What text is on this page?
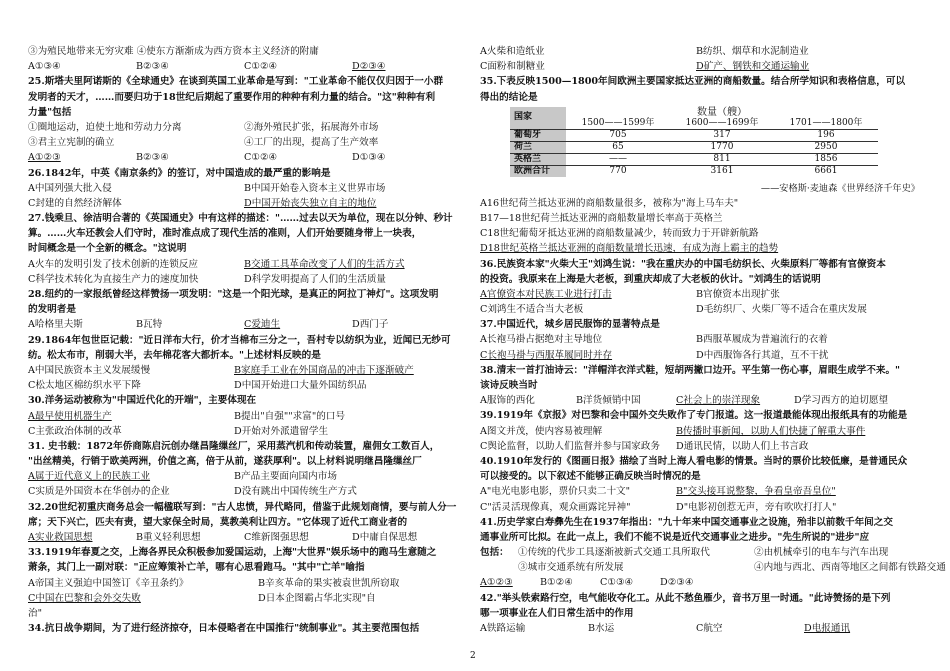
③为殖民地带来无穷灾难 ④使东方渐渐成为西方资本主义经济的附庸
A①③④	B②③④	C①②④	D②③④
25.斯塔夫里阿诺斯的《全球通史》在谈到英国工业革命是写到："工业革命不能仅仅归因于一小群
发明者的天才，……而要归功于18世纪后期起了重要作用的种种有利力量的结合。"这"种种有利
力量"包括
①圈地运动，迫使土地和劳动力分离	②海外殖民扩张，拓展海外市场
③君主立宪制的确立	④工厂的出现，提高了生产效率
A①②③	B②③④	C①②④	D①③④
26.1842年，中英《南京条约》的签订，对中国造成的最严重的影响是
A中国列强大批入侵	B中国开始卷入资本主义世界市场
C封建的自然经济解体	D中国开始丧失独立自主的地位
27.钱乘旦、徐洁明合著的《英国通史》中有这样的描述："……过去以天为单位，现在以分钟、秒计
算。……火车还教会人们守时，准时准点成了现代生活的准则，人们开始要随身带上一块表，
时间概念是一个全新的概念。"这说明
A火车的发明引发了技术创新的连锁反应	B交通工具革命改变了人们的生活方式
C科学技术转化为直接生产力的速度加快	D科学发明提高了人们的生活质量
28.纽约的一家报纸曾经这样赞扬一项发明："这是一个阳光球，是真正的阿拉丁神灯"。这项发明
的发明者是
A哈格里夫斯	B瓦特	C爱迪生	D西门子
29.1864年包世臣记载："近日洋布大行，价才当棉布三分之一，吾村专以纺织为业，近闻已无纱可
纺。松太布市，削弱大半，去年棉花客大都折本。"上述材料反映的是
A中国民族资本主义发展缓慢	B家庭手工业在外国商品的冲击下逐渐破产
C松太地区棉纺织水平下降	D中国开始进口大量外国纺织品
30.洋务运动被称为"中国近代化的开端"，主要体现在
A最早使用机器生产	B提出"自强""求富"的口号
C主张政治体制的改革	D开始对外派遣留学生
31. 史书载：1872年侨商陈启沅创办继昌隆缫丝厂，采用蒸汽机和传动装置，雇佣女工数百人，
"出丝精美，行销于欧美两洲，价值之高，倍于从前，遂获厚利"。以上材料说明继昌隆缫丝厂
A属于近代意义上的民族工业	B产品主要面向国内市场
C实质是外国资本在华创办的企业	D没有跳出中国传统生产方式
32.20世纪初重庆商务总会一幅楹联写到："古人忠愤，异代略同，借鉴于此规划商情，要与前人分一
席；天下兴亡，匹夫有责，望大家保全时局，莫教美利让四方。"它体现了近代工商业者的
A实业救国思想	B重义轻利思想	C维新图强思想	D中庸自保思想
33.1919年春夏之交，上海各界民众积极参加爱国运动，上海"大世界"娱乐场中的跑马生意随之
萧条，其门上一副对联："正应筹策补亡羊，哪有心思看跑马。"其中"亡羊"喻指
A帝国主义强迫中国签订《辛丑条约》	B辛亥革命的果实被袁世凯所窃取
C中国在巴黎和会外交失败	D日本企图霸占华北实现"自
治"
34.抗日战争期间，为了进行经济掠夺，日本侵略者在中国推行"统制事业"。其主要范围包括
A火柴和造纸业	B纺织、烟草和水泥制造业
C面粉和制糖业	D矿产、钢铁和交通运输业
35.下表反映1500—1800年间欧洲主要国家抵达亚洲的商船数量。结合所学知识和表格信息，可以
得出的结论是
国家	数量（艘）		
	1500——1599年	1600——1699年	1701——1800年
葡萄牙	705	317	196
荷兰	65	1770	2950
英格兰	——	811	1856
欧洲合计	770	3161	6661
——安格斯·麦迪森《世界经济千年史》
A16世纪荷兰抵达亚洲的商船数量很多，被称为"海上马车夫"
B17—18世纪荷兰抵达亚洲的商船数量增长率高于英格兰
C18世纪葡萄牙抵达亚洲的商船数量减少，转而致力于开辟新航路
D18世纪英格兰抵达亚洲的商船数量增长迅速，有成为海上霸主的趋势
36.民族资本家"火柴大王"刘鸿生说："我在重庆办的中国毛纺织长、火柴原料厂等都有官僚资本
的投资。我原来在上海是大老板，到重庆却成了大老板的伙计。"刘鸿生的话说明
A官僚资本对民族工业进行打击	B官僚资本出现扩张
C刘鸿生不适合当大老板	D毛纺织厂、火柴厂等不适合在重庆发展
37.中国近代，城乡居民服饰的显著特点是
A长袍马褂占据绝对主导地位	B西服革履成为普遍流行的衣着
C长袍马褂与西服革履同时并存	D中西服饰各行其道，互不干扰
38.清末一首打油诗云："洋帽洋衣洋式鞋，短胡两撇口边开。平生第一伤心事，眉眼生成学不来。"
该诗反映当时
A服饰的西化	B洋货倾销中国	C社会上的崇洋现象	D学习西方的迫切愿望
39.1919年《京报》对巴黎和会中国外交失败作了专门报道。这一报道最能体现出报纸具有的功能是
A图文并茂，使内容易被理解	B传播时事新闻，以助人们快捷了解重大事件
C舆论监督，以助人们监督并参与国家政务	D通讯民情，以助人们上书言政
40.1910年发行的《图画日报》描绘了当时上海人看电影的情景。当时的票价比较低廉，是普通民众
可以接受的。以下叙述不能够正确反映当时情况的是
A"电光电影电影，票价只卖二十文"	B"交头接耳说整黎，争看皇帝吾皇位"
C"活灵活现像真，观众画露诧异神"	D"电影初创惹无声，旁有吹吹打打人"
41.历史学家白寿彝先生在1937年指出："九十年来中国交通事业之设施，殆非以前数千年间之交
通事业所可比拟。在此一点上，我们不能不说是近代交通事业之进步。"先生所说的"进步"应
包括： ①传统的代步工具逐渐被新式交通工具所取代	②由机械牵引的电车与汽车出现
③城市交通系统有所发展	④内地与西北、西南等地区之间都有铁路交通
A①②③	B①②④	C①③④	D②③④
42."举头铁索路行空，电气能收夺化工。从此不愁鱼雁少，音书万里一时通。"此诗赞扬的是下列
哪一项事业在人们日常生活中的作用
A铁路运输	B水运	C航空	D电报通讯
2
